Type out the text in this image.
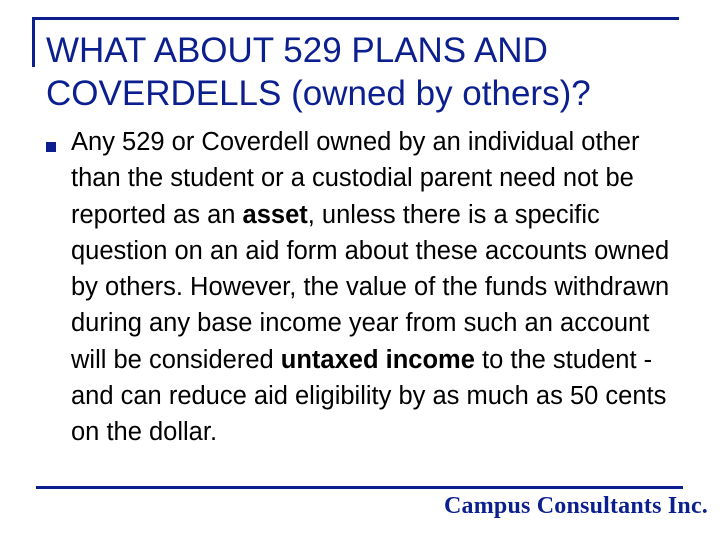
WHAT ABOUT 529 PLANS AND COVERDELLS (owned by others)?

Any 529 or Coverdell owned by an individual other than the student or a custodial parent need not be reported as an asset, unless there is a specific question on an aid form about these accounts owned by others. However, the value of the funds withdrawn during any base income year from such an account will be considered untaxed income to the student - and can reduce aid eligibility by as much as 50 cents on the dollar.

Campus Consultants Inc.
